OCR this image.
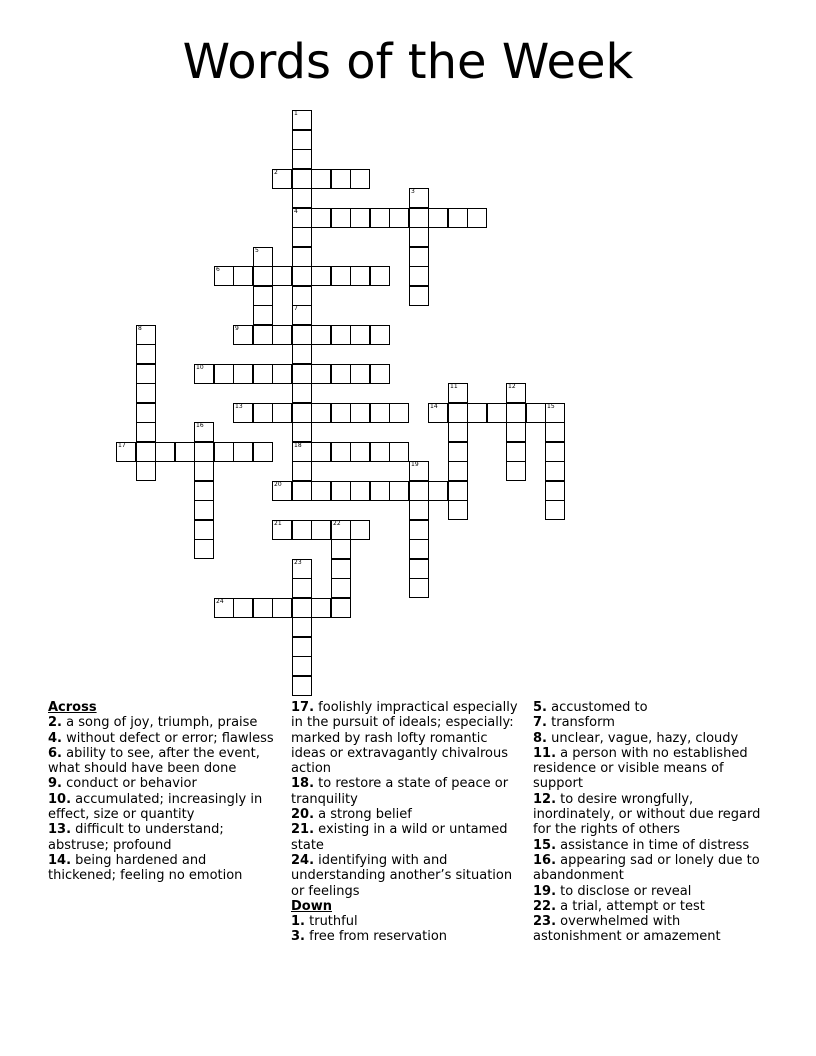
Words of the Week
1
4
2
3
5
6
7
18
8	9
10
11	12
13	14	15
16
17
19
20
21	22
23
24
Across
2. a song of joy, triumph, praise
4. without defect or error; flawless
6. ability to see, after the event, what should have been done
9. conduct or behavior
10. accumulated; increasingly in effect, size or quantity
13. difficult to understand; abstruse; profound
14. being hardened and thickened; feeling no emotion
17. foolishly impractical especially in the pursuit of ideals; especially: marked by rash lofty romantic ideas or extravagantly chivalrous action
18. to restore a state of peace or tranquility
20. a strong belief
21. existing in a wild or untamed state
24. identifying with and understanding another’s situation or feelings
Down
1. truthful
3. free from reservation
5. accustomed to
7. transform
8. unclear, vague, hazy, cloudy
11. a person with no established residence or visible means of support
12. to desire wrongfully, inordinately, or without due regard for the rights of others
15. assistance in time of distress
16. appearing sad or lonely due to abandonment
19. to disclose or reveal
22. a trial, attempt or test
23. overwhelmed with astonishment or amazement
